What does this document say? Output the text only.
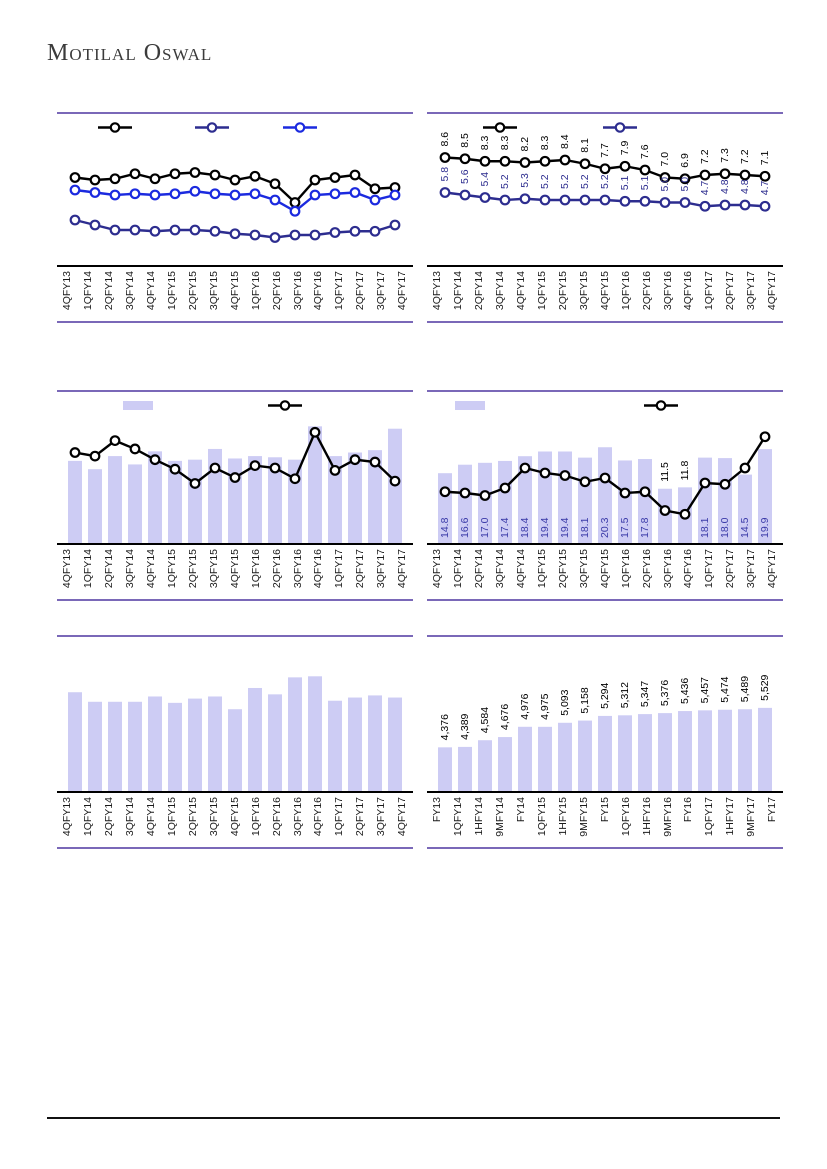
Motilal Oswal
4QFY13 1QFY14 2QFY14 3QFY14 4QFY14 1QFY15 2QFY15 3QFY15 4QFY15 1QFY16 2QFY16 3QFY16 4QFY16 1QFY17 2QFY17 3QFY17 4QFY17
8.6 8.5 8.3 8.3 8.2 8.3 8.4 8.1 7.7 7.9 7.6
7.0 6.9 7.2 7.3 7.2 7.1
5.8 5.6 5.4 5.2 5.3 5.2 5.2 5.2 5.2 5.1 5.1 5.0 5.0 4.7 4.8 4.8 4.7
4QFY13 1QFY14 2QFY14 3QFY14 4QFY14 1QFY15 2QFY15 3QFY15 4QFY15 1QFY16 2QFY16 3QFY16 4QFY16 1QFY17 2QFY17 3QFY17 4QFY17
4QFY13 1QFY14 2QFY14 3QFY14 4QFY14 1QFY15 2QFY15 3QFY15 4QFY15 1QFY16 2QFY16 3QFY16 4QFY16 1QFY17 2QFY17 3QFY17 4QFY17
14.8 16.6 17.0 17.4 18.4 19.4 19.4 18.1 20.3 17.5 17.8
11.5 11.8
18.1 18.0 14.5 19.9
4QFY13 1QFY14 2QFY14 3QFY14 4QFY14 1QFY15 2QFY15 3QFY15 4QFY15 1QFY16 2QFY16 3QFY16 4QFY16 1QFY17 2QFY17 3QFY17 4QFY17
4QFY13 1QFY14 2QFY14 3QFY14 4QFY14 1QFY15 2QFY15 3QFY15 4QFY15 1QFY16 2QFY16 3QFY16 4QFY16 1QFY17 2QFY17 3QFY17 4QFY17
4,376 4,389 4,584 4,676 4,976 4,975 5,093 5,158 5,294 5,312 5,347 5,376 5,436 5,457 5,474 5,489 5,529
FY13 1QFY14 1HFY14 9MFY14 FY14 1QFY15 1HFY15 9MFY15 FY15 1QFY16 1HFY16 9MFY16 FY16 1QFY17 1HFY17 9MFY17 FY17
